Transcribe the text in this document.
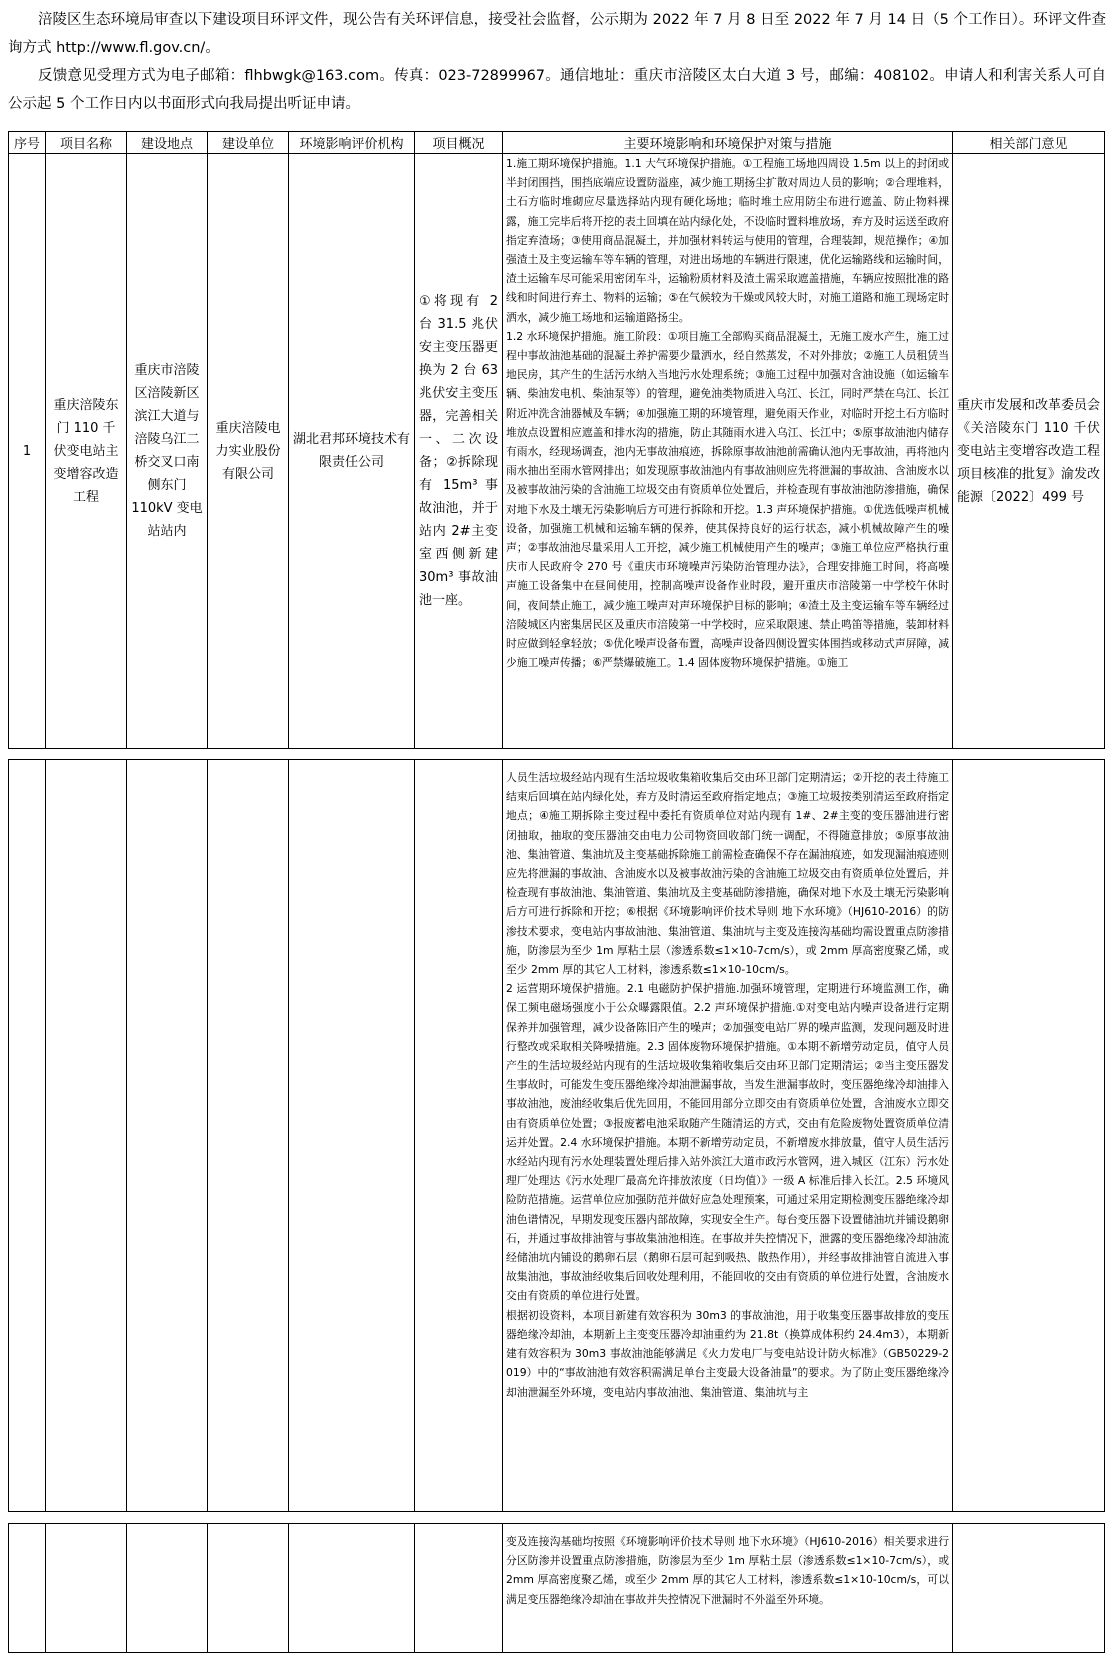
涪陵区生态环境局审查以下建设项目环评文件，现公告有关环评信息，接受社会监督，公示期为 2022 年 7 月 8 日至 2022 年 7 月 14 日（5 个工作日）。环评文件查询方式 http://www.fl.gov.cn/。

反馈意见受理方式为电子邮箱：flhbwgk@163.com。传真：023-72899967。通信地址：重庆市涪陵区太白大道 3 号，邮编：408102。申请人和利害关系人可自公示起 5 个工作日内以书面形式向我局提出听证申请。

序号	项目名称	建设地点	建设单位	环境影响评价机构	项目概况	主要环境影响和环境保护对策与措施	相关部门意见
1	重庆涪陵东门 110 千伏变电站主变增容改造工程	重庆市涪陵区涪陵新区滨江大道与涪陵乌江二桥交叉口南侧东门 110kV 变电站站内	重庆涪陵电力实业股份有限公司	湖北君邦环境技术有限责任公司	①将现有 2 台 31.5 兆伏安主变压器更换为 2 台 63 兆伏安主变压器，完善相关一、二次设备；②拆除现有 15m³ 事故油池，并于站内 2#主变室西侧新建 30m³ 事故油池一座。	1.施工期环境保护措施。1.1 大气环境保护措施。①工程施工场地四周设 1.5m 以上的封闭或半封闭围挡，围挡底端应设置防溢座，减少施工期扬尘扩散对周边人员的影响；②合理堆料，土石方临时堆砌应尽量选择站内现有硬化场地；临时堆土应用防尘布进行遮盖、防止物料裸露，施工完毕后将开挖的表土回填在站内绿化处，不设临时置料堆放场，弃方及时运送至政府指定弃渣场；③使用商品混凝土，并加强材料转运与使用的管理，合理装卸，规范操作；④加强渣土及主变运输车等车辆的管理，对进出场地的车辆进行限速，优化运输路线和运输时间，渣土运输车尽可能采用密闭车斗，运输粉质材料及渣土需采取遮盖措施，车辆应按照批准的路线和时间进行弃土、物料的运输；⑤在气候较为干燥或风较大时，对施工道路和施工现场定时洒水，减少施工场地和运输道路扬尘。

1.2 水环境保护措施。施工阶段：①项目施工全部购买商品混凝土，无施工废水产生，施工过程中事故油池基础的混凝土养护需要少量洒水，经自然蒸发，不对外排放；②施工人员租赁当地民房，其产生的生活污水纳入当地污水处理系统；③施工过程中加强对含油设施（如运输车辆、柴油发电机、柴油泵等）的管理，避免油类物质进入乌江、长江，同时严禁在乌江、长江附近冲洗含油器械及车辆；④加强施工期的环境管理，避免雨天作业，对临时开挖土石方临时堆放点设置相应遮盖和排水沟的措施，防止其随雨水进入乌江、长江中；⑤原事故油池内储存有雨水，经现场调查，池内无事故油痕迹，拆除原事故油池前需确认池内无事故油，再将池内雨水抽出至雨水管网排出；如发现原事故油池内有事故油则应先将泄漏的事故油、含油废水以及被事故油污染的含油施工垃圾交由有资质单位处置后，并检查现有事故油池防渗措施，确保对地下水及土壤无污染影响后方可进行拆除和开挖。1.3 声环境保护措施。①优选低噪声机械设备，加强施工机械和运输车辆的保养，使其保持良好的运行状态，减小机械故障产生的噪声；②事故油池尽量采用人工开挖，减少施工机械使用产生的噪声；③施工单位应严格执行重庆市人民政府令 270 号《重庆市环境噪声污染防治管理办法》，合理安排施工时间，将高噪声施工设备集中在昼间使用，控制高噪声设备作业时段，避开重庆市涪陵第一中学校午休时间，夜间禁止施工，减少施工噪声对声环境保护目标的影响；④渣土及主变运输车等车辆经过涪陵城区内密集居民区及重庆市涪陵第一中学校时，应采取限速、禁止鸣笛等措施，装卸材料时应做到轻拿轻放；⑤优化噪声设备布置，高噪声设备四侧设置实体围挡或移动式声屏障，减少施工噪声传播；⑥严禁爆破施工。1.4 固体废物环境保护措施。①施工	重庆市发展和改革委员会《关涪陵东门 110 千伏变电站主变增容改造工程项目核准的批复》渝发改能源〔2022〕499 号

人员生活垃圾经站内现有生活垃圾收集箱收集后交由环卫部门定期清运；②开挖的表土待施工结束后回填在站内绿化处，弃方及时清运至政府指定地点；③施工垃圾按类别清运至政府指定地点；④施工期拆除主变过程中委托有资质单位对站内现有 1#、2#主变的变压器油进行密闭抽取，抽取的变压器油交由电力公司物资回收部门统一调配，不得随意排放；⑤原事故油池、集油管道、集油坑及主变基础拆除施工前需检查确保不存在漏油痕迹，如发现漏油痕迹则应先将泄漏的事故油、含油废水以及被事故油污染的含油施工垃圾交由有资质单位处置后，并检查现有事故油池、集油管道、集油坑及主变基础防渗措施，确保对地下水及土壤无污染影响后方可进行拆除和开挖；⑥根据《环境影响评价技术导则 地下水环境》（HJ610-2016）的防渗技术要求，变电站内事故油池、集油管道、集油坑与主变及连接沟基础均需设置重点防渗措施，防渗层为至少 1m 厚粘土层（渗透系数≤1×10-7cm/s），或 2mm 厚高密度聚乙烯，或至少 2mm 厚的其它人工材料，渗透系数≤1×10-10cm/s。

2 运营期环境保护措施。2.1 电磁防护保护措施.加强环境管理，定期进行环境监测工作，确保工频电磁场强度小于公众曝露限值。2.2 声环境保护措施.①对变电站内噪声设备进行定期保养并加强管理，减少设备陈旧产生的噪声；②加强变电站厂界的噪声监测，发现问题及时进行整改或采取相关降噪措施。2.3 固体废物环境保护措施。①本期不新增劳动定员，值守人员产生的生活垃圾经站内现有的生活垃圾收集箱收集后交由环卫部门定期清运；②当主变压器发生事故时，可能发生变压器绝缘冷却油泄漏事故，当发生泄漏事故时，变压器绝缘冷却油排入事故油池，废油经收集后优先回用，不能回用部分立即交由有资质单位处置，含油废水立即交由有资质单位处置；③报废蓄电池采取随产生随清运的方式，交由有危险废物处置资质单位清运并处置。2.4 水环境保护措施。本期不新增劳动定员，不新增废水排放量，值守人员生活污水经站内现有污水处理装置处理后排入站外滨江大道市政污水管网，进入城区（江东）污水处理厂处理达《污水处理厂最高允许排放浓度（日均值）》一级 A 标准后排入长江。2.5 环境风险防范措施。运营单位应加强防范并做好应急处理预案，可通过采用定期检测变压器绝缘冷却油色谱情况，早期发现变压器内部故障，实现安全生产。每台变压器下设置储油坑并铺设鹅卵石，并通过事故排油管与事故集油池相连。在事故并失控情况下，泄露的变压器绝缘冷却油流经储油坑内铺设的鹅卵石层（鹅卵石层可起到吸热、散热作用），并经事故排油管自流进入事故集油池，事故油经收集后回收处理利用，不能回收的交由有资质的单位进行处置，含油废水交由有资质的单位进行处置。

根据初设资料，本项目新建有效容积为 30m3 的事故油池，用于收集变压器事故排放的变压器绝缘冷却油，本期新上主变变压器冷却油重约为 21.8t（换算成体积约 24.4m3），本期新建有效容积为 30m3 事故油池能够满足《火力发电厂与变电站设计防火标准》（GB50229-2019）中的“事故油池有效容积需满足单台主变最大设备油量”的要求。为了防止变压器绝缘冷却油泄漏至外环境，变电站内事故油池、集油管道、集油坑与主

变及连接沟基础均按照《环境影响评价技术导则 地下水环境》（HJ610-2016）相关要求进行分区防渗并设置重点防渗措施，防渗层为至少 1m 厚粘土层（渗透系数≤1×10-7cm/s），或 2mm 厚高密度聚乙烯，或至少 2mm 厚的其它人工材料，渗透系数≤1×10-10cm/s，可以满足变压器绝缘冷却油在事故并失控情况下泄漏时不外溢至外环境。
